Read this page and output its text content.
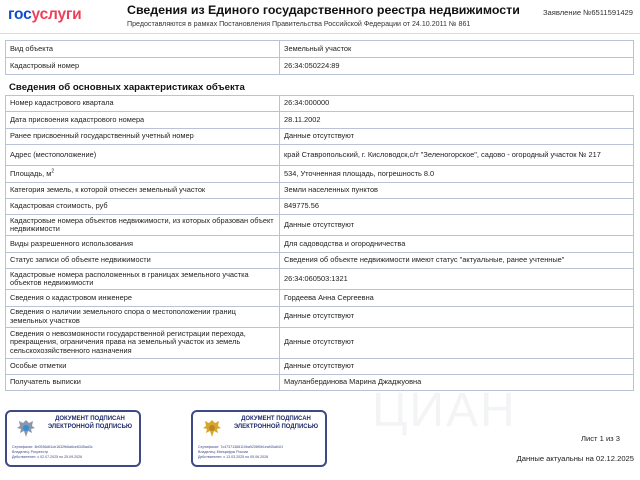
госуслуги	Сведения из Единого государственного реестра недвижимости
Предоставляются в рамках Постановления Правительства Российской Федерации от 24.10.2011 № 861
Заявление №6511591429
Вид объекта	Земельный участок
Кадастровый номер	26:34:050224:89
Сведения об основных характеристиках объекта
Номер кадастрового квартала	26:34:000000
Дата присвоения кадастрового номера	28.11.2002
Ранее присвоенный государственный учетный номер	Данные отсутствуют
Адрес (местоположение)	край Ставропольский, г. Кисловодск,с/т "Зеленогорское", садово - огородный участок № 217
Площадь, $м^2$	534, Уточненная площадь, погрешность 8.0
Категория земель, к которой отнесен земельный участок	Земли населенных пунктов
Кадастровая стоимость, руб	849775.56
Кадастровые номера объектов недвижимости, из которых образован объект недвижимости	Данные отсутствуют
Виды разрешенного использования	Для садоводства и огородничества
Статус записи об объекте недвижимости	Сведения об объекте недвижимости имеют статус "актуальные, ранее учтенные"
Кадастровые номера расположенных в границах земельного участка объектов недвижимости	26:34:060503:1321
Сведения о кадастровом инженере	Гордеева Анна Сергеевна
Сведения о наличии земельного спора о местоположении границ земельных участков	Данные отсутствуют
Сведения о невозможности государственной регистрации перехода, прекращения, ограничения права на земельный участок из земель сельскохозяйственного назначения	Данные отсутствуют
Особые отметки	Данные отсутствуют
Получатель выписки	Мауланбердинова Марина Джаджуовна
ЦИАН
ДОКУМЕНТ ПОДПИСАН ЭЛЕКТРОННОЙ ПОДПИСЬЮ
Сертификат: 4b0536d61cb1632fb6a6ce6345ad3c
Владелец: Росреестр
Действителен: с 02.07.2025 по 25.09.2026
ДОКУМЕНТ ПОДПИСАН ЭЛЕКТРОННОЙ ПОДПИСЬЮ
Сертификат: 7c47371368110ba9208f0b1eaf40a641f
Владелец: Минцифры России
Действителен: с 13.03.2025 по 05.06.2026
Лист 1 из 3
Данные актуальны на 02.12.2025
